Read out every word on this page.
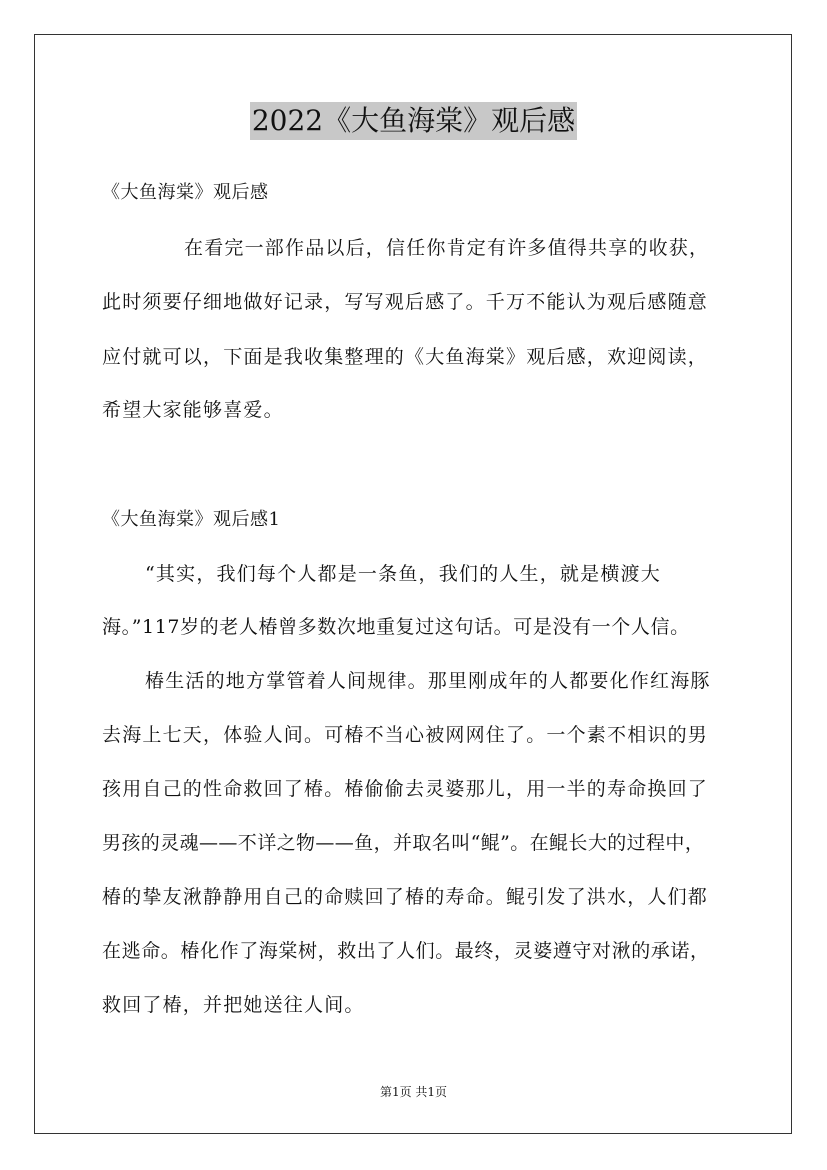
2022《大鱼海棠》观后感
《大鱼海棠》观后感
在看完一部作品以后，信任你肯定有许多值得共享的收获，
此时须要仔细地做好记录，写写观后感了。千万不能认为观后感随意
应付就可以，下面是我收集整理的《大鱼海棠》观后感，欢迎阅读，
希望大家能够喜爱。
《大鱼海棠》观后感1
“其实，我们每个人都是一条鱼，我们的人生，就是横渡大
海。”117岁的老人椿曾多数次地重复过这句话。可是没有一个人信。
椿生活的地方掌管着人间规律。那里刚成年的人都要化作红海豚
去海上七天，体验人间。可椿不当心被网网住了。一个素不相识的男
孩用自己的性命救回了椿。椿偷偷去灵婆那儿，用一半的寿命换回了
男孩的灵魂——不详之物——鱼，并取名叫“鲲”。在鲲长大的过程中，
椿的挚友湫静静用自己的命赎回了椿的寿命。鲲引发了洪水，人们都
在逃命。椿化作了海棠树，救出了人们。最终，灵婆遵守对湫的承诺，
救回了椿，并把她送往人间。
第1页 共1页
